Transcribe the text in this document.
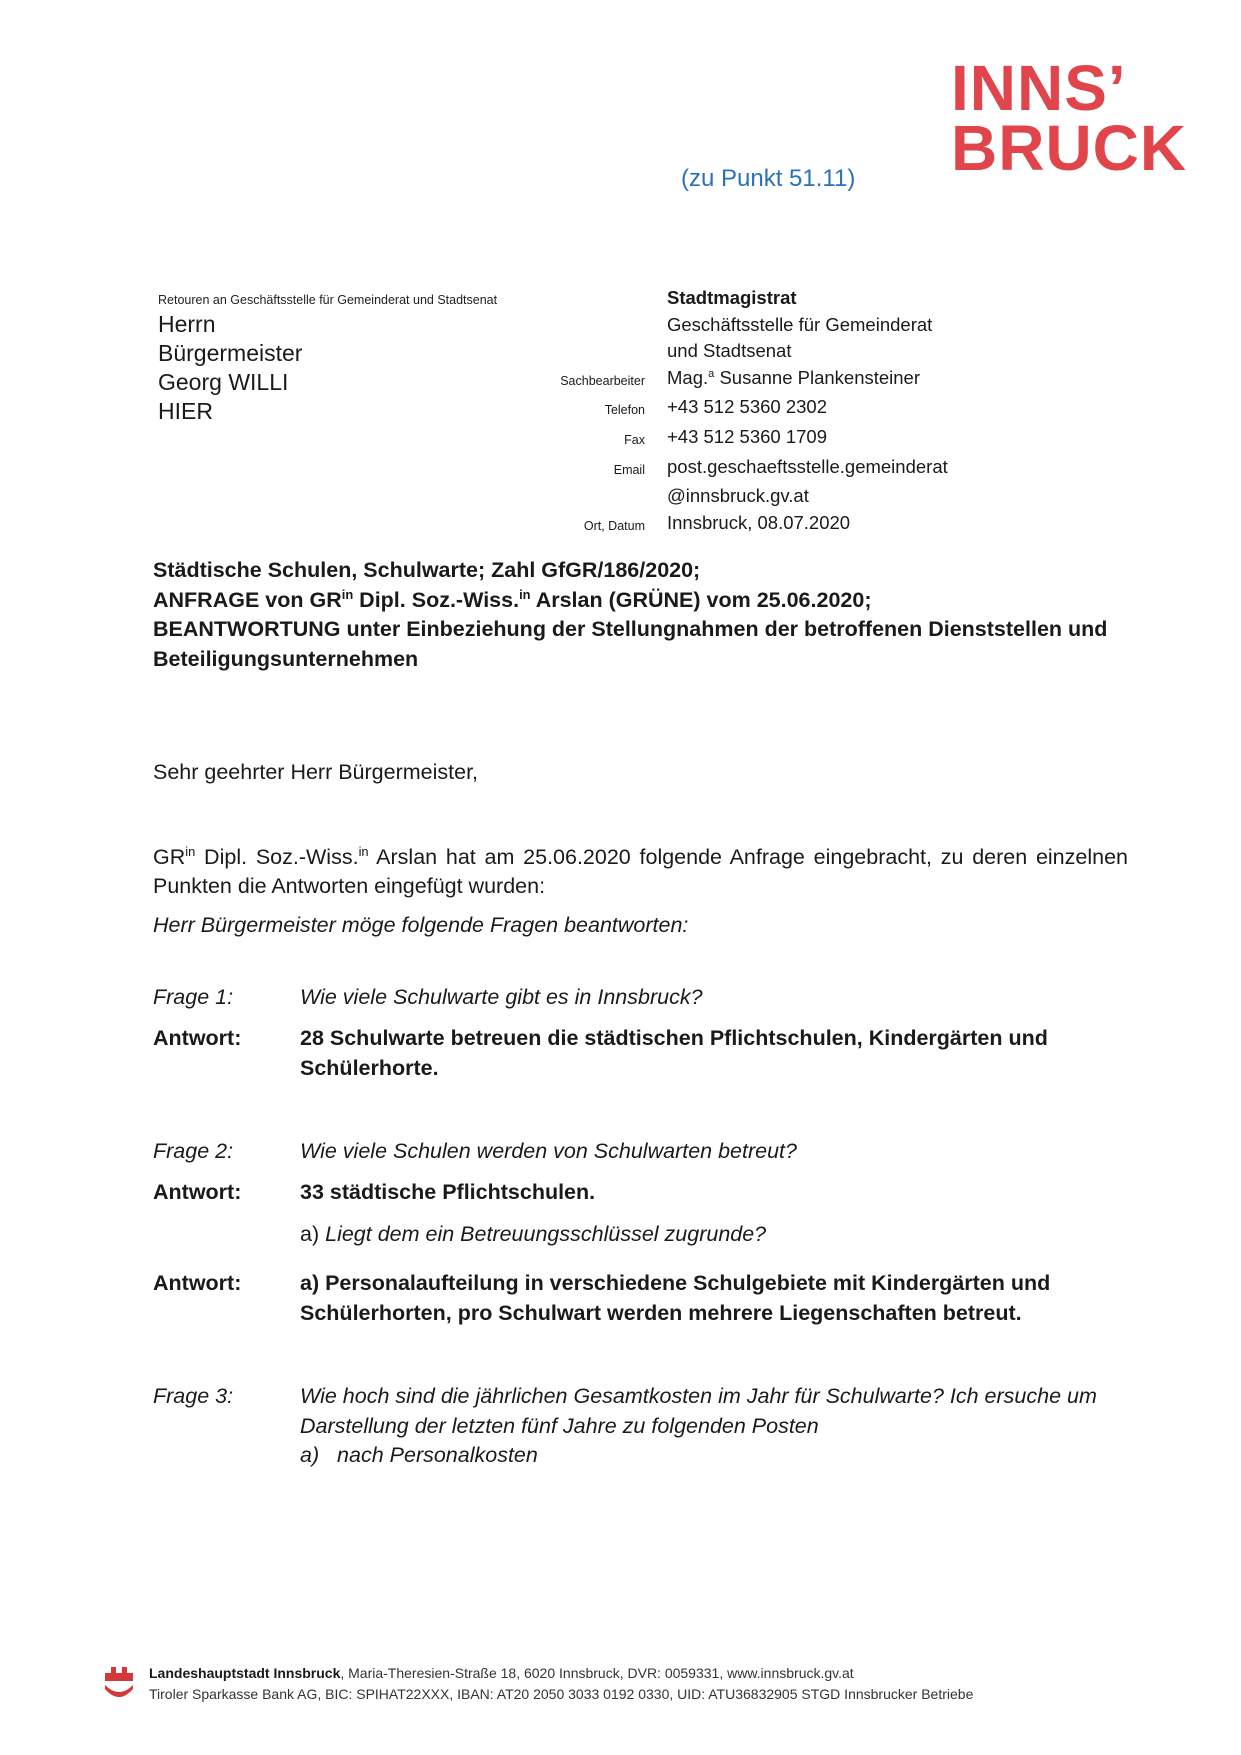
INNS’
BRUCK
(zu Punkt 51.11)
Retouren an Geschäftsstelle für Gemeinderat und Stadtsenat
Herrn
Bürgermeister
Georg WILLI
HIER
Stadtmagistrat
Geschäftsstelle für Gemeinderat
und Stadtsenat
Sachbearbeiter	Mag.$^a$ Susanne Plankensteiner
Telefon	+43 512 5360 2302
Fax	+43 512 5360 1709
Email	post.geschaeftsstelle.gemeinderat
@innsbruck.gv.at
Ort, Datum	Innsbruck, 08.07.2020
Städtische Schulen, Schulwarte; Zahl GfGR/186/2020;
ANFRAGE von $GR^{in}$ Dipl. Soz.-Wiss.$^{in}$ Arslan (GRÜNE) vom 25.06.2020;
BEANTWORTUNG unter Einbeziehung der Stellungnahmen der betroffenen Dienststellen und Beteiligungsunternehmen
Sehr geehrter Herr Bürgermeister,
$GR^{in}$ Dipl. Soz.-Wiss.$^{in}$ Arslan hat am 25.06.2020 folgende Anfrage eingebracht, zu deren einzelnen Punkten die Antworten eingefügt wurden:
Herr Bürgermeister möge folgende Fragen beantworten:
Frage 1:	Wie viele Schulwarte gibt es in Innsbruck?
Antwort:	28 Schulwarte betreuen die städtischen Pflichtschulen, Kindergärten und Schülerhorte.
Frage 2:	Wie viele Schulen werden von Schulwarten betreut?
Antwort:	33 städtische Pflichtschulen.
a) Liegt dem ein Betreuungsschlüssel zugrunde?
Antwort:	a) Personalaufteilung in verschiedene Schulgebiete mit Kindergärten und Schülerhorten, pro Schulwart werden mehrere Liegenschaften betreut.
Frage 3:	Wie hoch sind die jährlichen Gesamtkosten im Jahr für Schulwarte? Ich ersuche um Darstellung der letzten fünf Jahre zu folgenden Posten
a) nach Personalkosten
Landeshauptstadt Innsbruck, Maria-Theresien-Straße 18, 6020 Innsbruck, DVR: 0059331, www.innsbruck.gv.at
Tiroler Sparkasse Bank AG, BIC: SPIHAT22XXX, IBAN: AT20 2050 3033 0192 0330, UID: ATU36832905 STGD Innsbrucker Betriebe
